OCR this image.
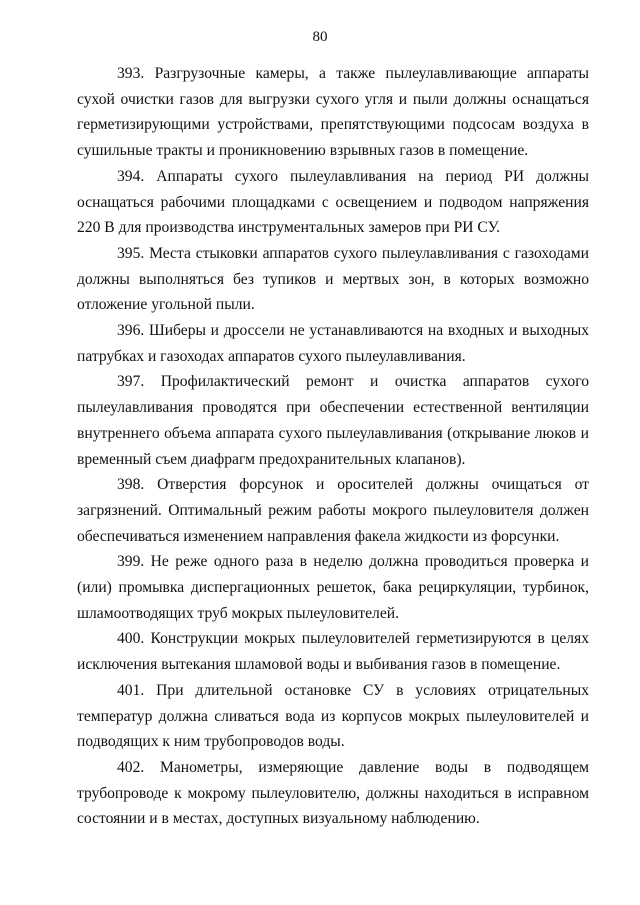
80

393. Разгрузочные камеры, а также пылеулавливающие аппараты сухой очистки газов для выгрузки сухого угля и пыли должны оснащаться герметизирующими устройствами, препятствующими подсосам воздуха в сушильные тракты и проникновению взрывных газов в помещение.

394. Аппараты сухого пылеулавливания на период РИ должны оснащаться рабочими площадками с освещением и подводом напряжения 220 В для производства инструментальных замеров при РИ СУ.

395. Места стыковки аппаратов сухого пылеулавливания с газоходами должны выполняться без тупиков и мертвых зон, в которых возможно отложение угольной пыли.

396. Шиберы и дроссели не устанавливаются на входных и выходных патрубках и газоходах аппаратов сухого пылеулавливания.

397. Профилактический ремонт и очистка аппаратов сухого пылеулавливания проводятся при обеспечении естественной вентиляции внутреннего объема аппарата сухого пылеулавливания (открывание люков и временный съем диафрагм предохранительных клапанов).

398. Отверстия форсунок и оросителей должны очищаться от загрязнений. Оптимальный режим работы мокрого пылеуловителя должен обеспечиваться изменением направления факела жидкости из форсунки.

399. Не реже одного раза в неделю должна проводиться проверка и (или) промывка диспергационных решеток, бака рециркуляции, турбинок, шламоотводящих труб мокрых пылеуловителей.

400. Конструкции мокрых пылеуловителей герметизируются в целях исключения вытекания шламовой воды и выбивания газов в помещение.

401. При длительной остановке СУ в условиях отрицательных температур должна сливаться вода из корпусов мокрых пылеуловителей и подводящих к ним трубопроводов воды.

402. Манометры, измеряющие давление воды в подводящем трубопроводе к мокрому пылеуловителю, должны находиться в исправном состоянии и в местах, доступных визуальному наблюдению.
